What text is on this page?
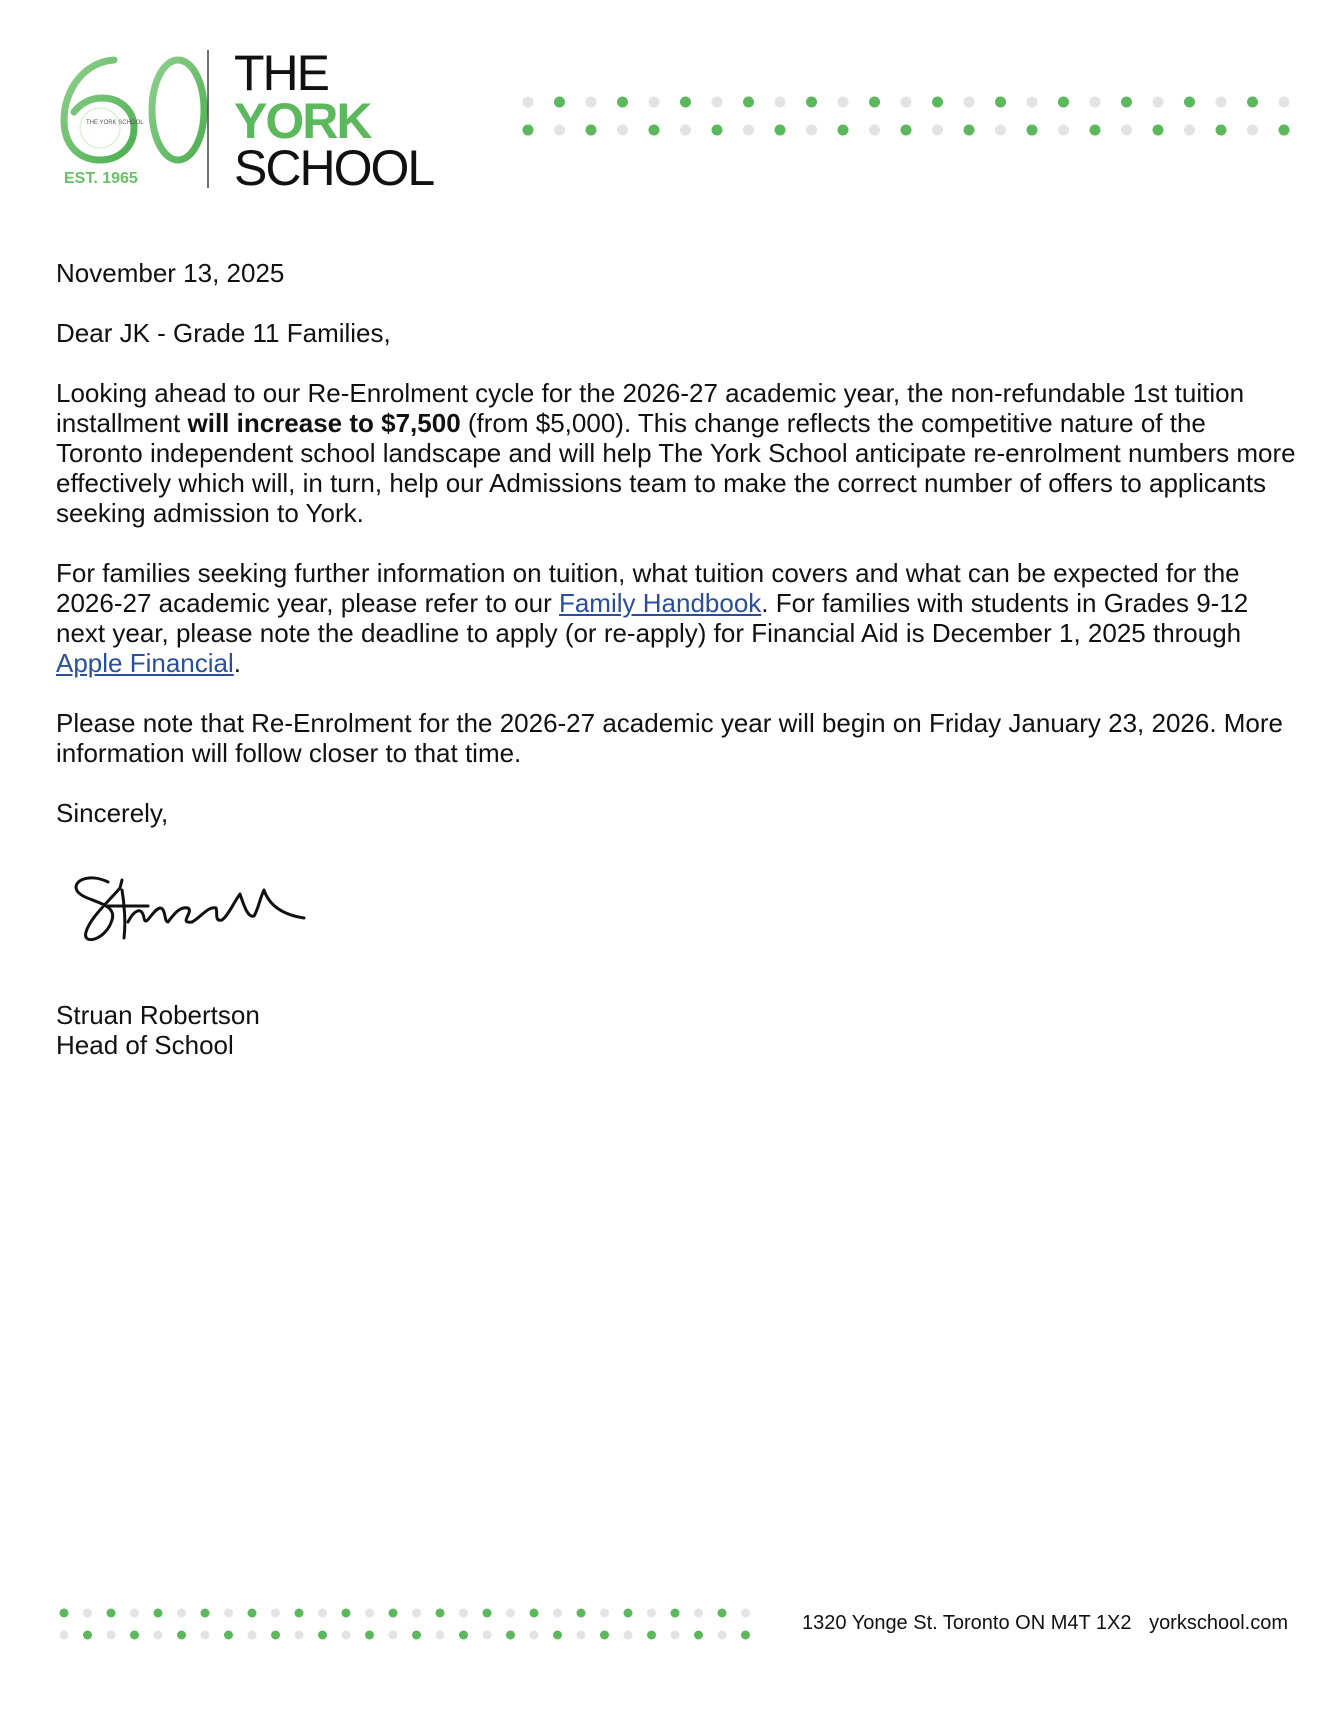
THE YORK SCHOOL
EST. 1965
THE
YORK
SCHOOL

November 13, 2025

Dear JK - Grade 11 Families,

Looking ahead to our Re-Enrolment cycle for the 2026-27 academic year, the non-refundable 1st tuition installment will increase to $7,500 (from $5,000). This change reflects the competitive nature of the Toronto independent school landscape and will help The York School anticipate re-enrolment numbers more effectively which will, in turn, help our Admissions team to make the correct number of offers to applicants seeking admission to York.

For families seeking further information on tuition, what tuition covers and what can be expected for the 2026-27 academic year, please refer to our Family Handbook. For families with students in Grades 9-12 next year, please note the deadline to apply (or re-apply) for Financial Aid is December 1, 2025 through Apple Financial.

Please note that Re-Enrolment for the 2026-27 academic year will begin on Friday January 23, 2026. More information will follow closer to that time.

Sincerely,

Struan Robertson
Head of School
1320 Yonge St. Toronto ON M4T 1X2 yorkschool.com
